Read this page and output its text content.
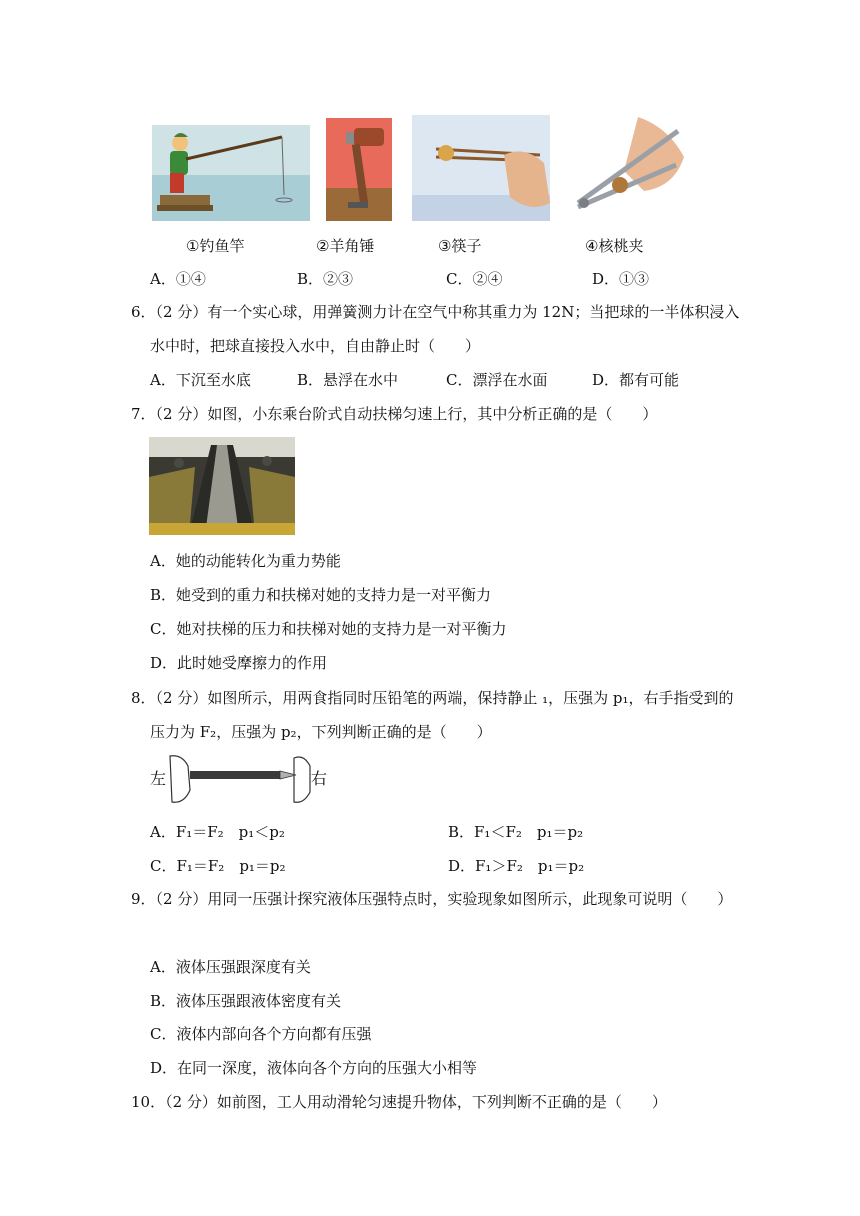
①钓鱼竿	②羊角锤	③筷子	④核桃夹
A．①④	B．②③	C．②④	D．①③
6．（2 分）有一个实心球，用弹簧测力计在空气中称其重力为 12N；当把球的一半体积浸入
水中时，把球直接投入水中，自由静止时（　　）
A．下沉至水底	B．悬浮在水中	C．漂浮在水面	D．都有可能
7．（2 分）如图，小东乘台阶式自动扶梯匀速上行，其中分析正确的是（　　）
A．她的动能转化为重力势能
B．她受到的重力和扶梯对她的支持力是一对平衡力
C．她对扶梯的压力和扶梯对她的支持力是一对平衡力
D．此时她受摩擦力的作用
8．（2 分）如图所示，用两食指同时压铅笔的两端，保持静止 ₁，压强为 p₁，右手指受到的
压力为 F₂，压强为 p₂，下列判断正确的是（　　）
左	右
A．F₁＝F₂　p₁＜p₂	B．F₁＜F₂　p₁＝p₂
C．F₁＝F₂　p₁＝p₂	D．F₁＞F₂　p₁＝p₂
9．（2 分）用同一压强计探究液体压强特点时，实验现象如图所示，此现象可说明（　　）
A．液体压强跟深度有关
B．液体压强跟液体密度有关
C．液体内部向各个方向都有压强
D．在同一深度，液体向各个方向的压强大小相等
10．（2 分）如前图，工人用动滑轮匀速提升物体，下列判断不正确的是（　　）
